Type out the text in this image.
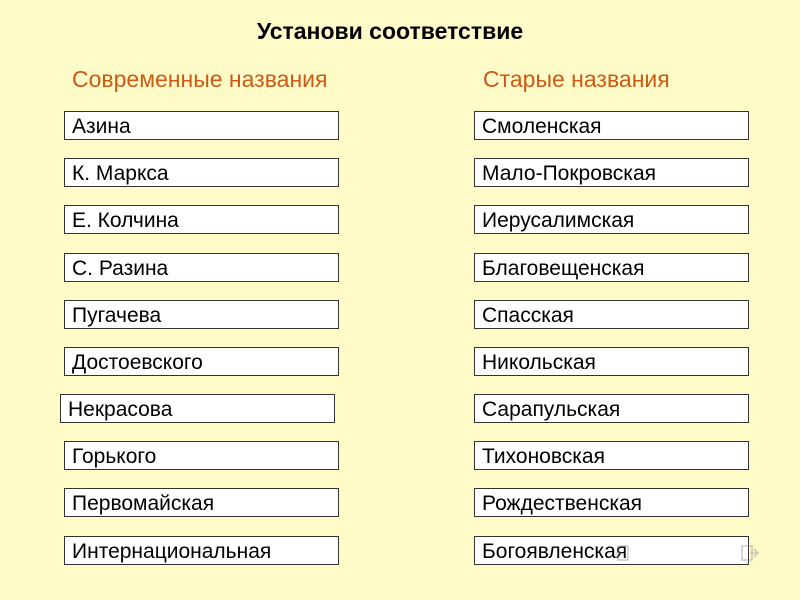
Установи соответствие
Современные названия	Старые названия
Азина
К. Маркса
Е. Колчина
С. Разина
Пугачева
Достоевского
Некрасова
Горького
Первомайская
Интернациональная
Смоленская
Мало-Покровская
Иерусалимская
Благовещенская
Спасская
Никольская
Сарапульская
Тихоновская
Рождественская
Богоявленская
